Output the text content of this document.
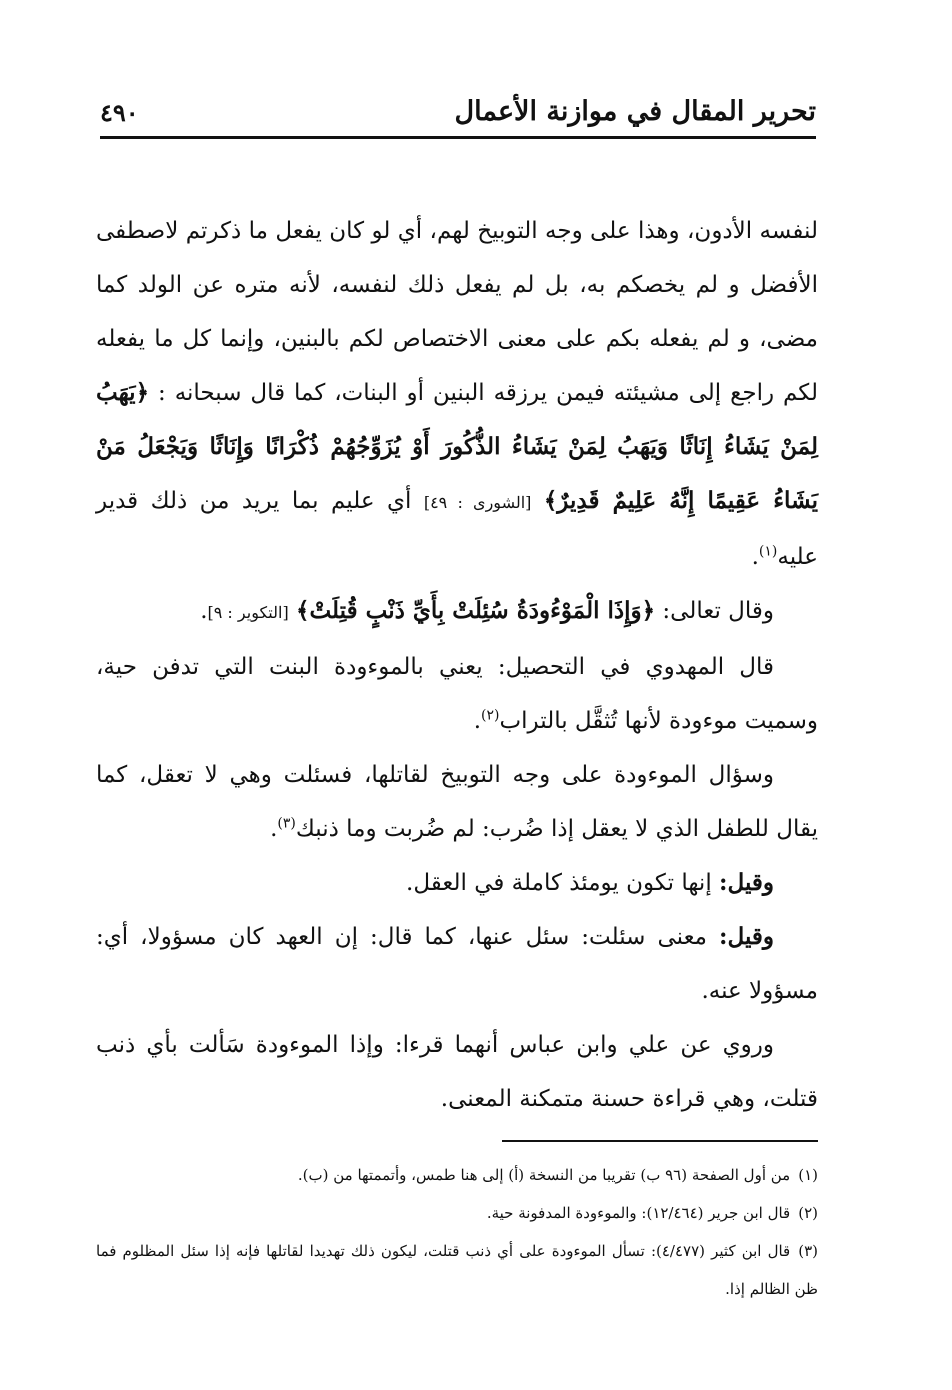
تحرير المقال في موازنة الأعمال
٤٩٠

لنفسه الأدون، وهذا على وجه التوبيخ لهم، أي لو كان يفعل ما ذكرتم لاصطفى الأفضل و لم يخصكم به، بل لم يفعل ذلك لنفسه، لأنه متره عن الولد كما مضى، و لم يفعله بكم على معنى الاختصاص لكم بالبنين، وإنما كل ما يفعله لكم راجع إلى مشيئته فيمن يرزقه البنين أو البنات، كما قال سبحانه : ﴿يَهَبُ لِمَنْ يَشَاءُ إِنَاثًا وَيَهَبُ لِمَنْ يَشَاءُ الذُّكُورَ أَوْ يُزَوِّجُهُمْ ذُكْرَانًا وَإِنَاثًا وَيَجْعَلُ مَنْ يَشَاءُ عَقِيمًا إِنَّهُ عَلِيمٌ قَدِيرٌ﴾ [الشورى : ٤٩] أي عليم بما يريد من ذلك قدير عليه$^{(١)}$.

وقال تعالى: ﴿وَإِذَا الْمَوْءُودَةُ سُئِلَتْ بِأَيِّ ذَنْبٍ قُتِلَتْ﴾ [التكوير : ٩].

قال المهدوي في التحصيل: يعني بالموءودة البنت التي تدفن حية، وسميت موءودة لأنها تُثقَّل بالتراب$^{(٢)}$.

وسؤال الموءودة على وجه التوبيخ لقاتلها، فسئلت وهي لا تعقل، كما يقال للطفل الذي لا يعقل إذا ضُرب: لم ضُربت وما ذنبك$^{(٣)}$.

وقيل: إنها تكون يومئذ كاملة في العقل.

وقيل: معنى سئلت: سئل عنها، كما قال: إن العهد كان مسؤولا، أي: مسؤولا عنه.

وروي عن علي وابن عباس أنهما قرءا: وإذا الموءودة سَألت بأي ذنب قتلت، وهي قراءة حسنة متمكنة المعنى.

(١)من أول الصفحة (٩٦ ب) تقريبا من النسخة (أ) إلى هنا طمس، وأتممتها من (ب).

(٢)قال ابن جرير (١٢/٤٦٤): والموءودة المدفونة حية.

(٣)قال ابن كثير (٤/٤٧٧): تسأل الموءودة على أي ذنب قتلت، ليكون ذلك تهديدا لقاتلها فإنه إذا سئل المظلوم فما ظن الظالم إذا.
